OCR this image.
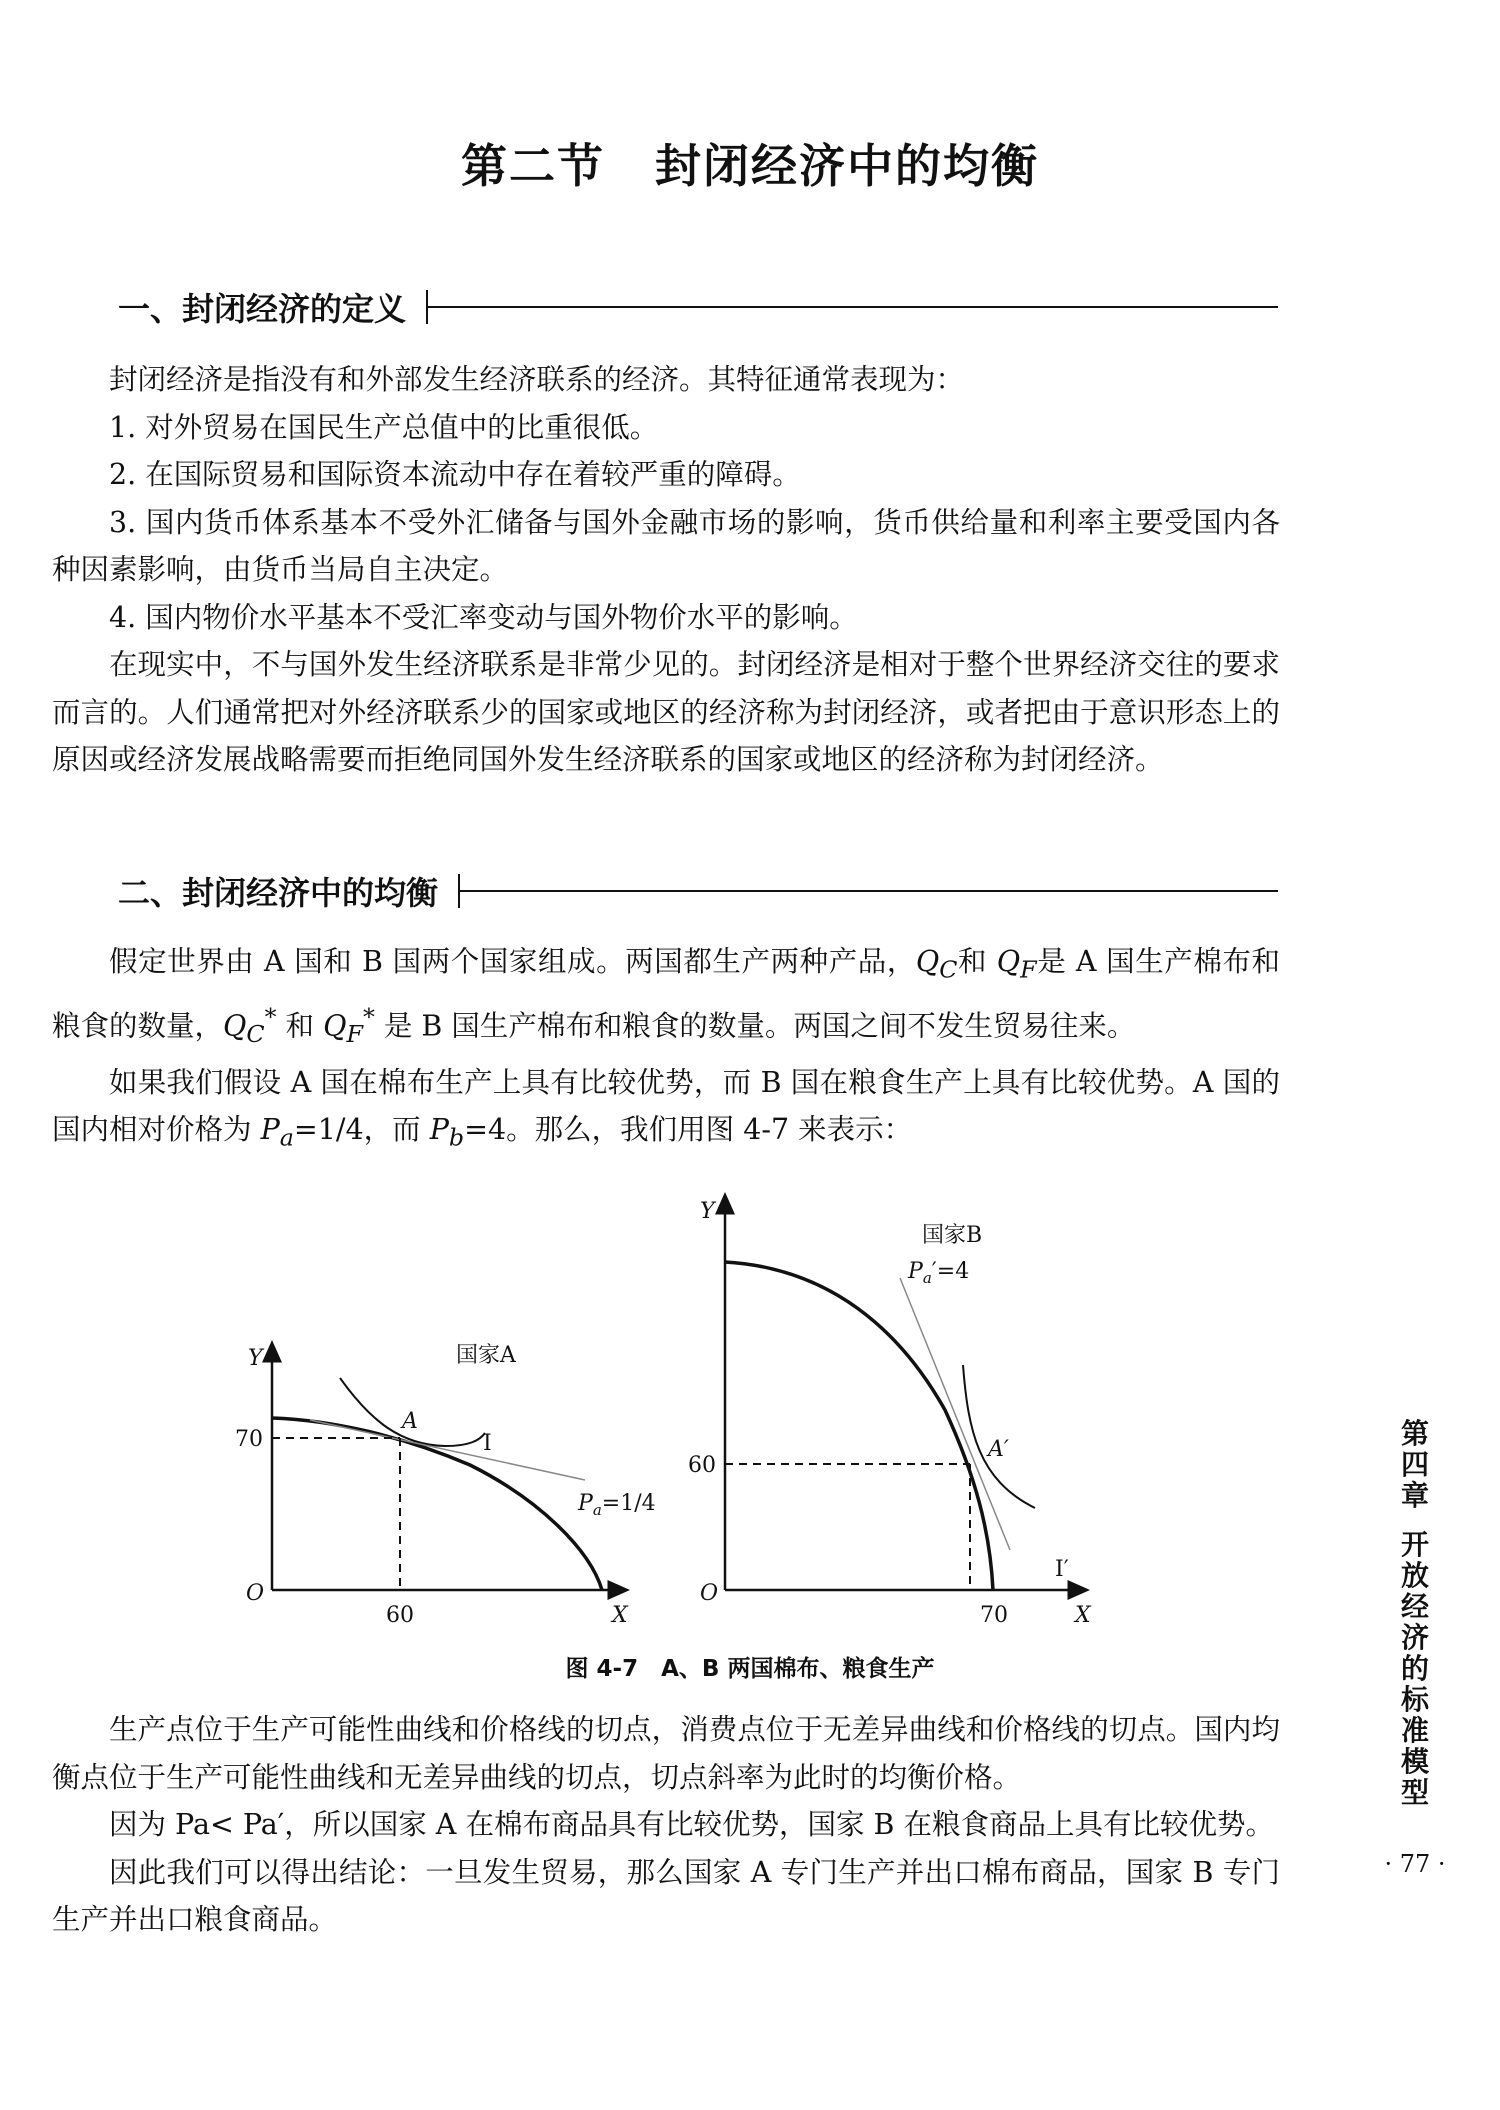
第二节 封闭经济中的均衡
一、封闭经济的定义

封闭经济是指没有和外部发生经济联系的经济。其特征通常表现为：

1. 对外贸易在国民生产总值中的比重很低。

2. 在国际贸易和国际资本流动中存在着较严重的障碍。

3. 国内货币体系基本不受外汇储备与国外金融市场的影响，货币供给量和利率主要受国内各种因素影响，由货币当局自主决定。

4. 国内物价水平基本不受汇率变动与国外物价水平的影响。

在现实中，不与国外发生经济联系是非常少见的。封闭经济是相对于整个世界经济交往的要求而言的。人们通常把对外经济联系少的国家或地区的经济称为封闭经济，或者把由于意识形态上的原因或经济发展战略需要而拒绝同国外发生经济联系的国家或地区的经济称为封闭经济。

二、封闭经济中的均衡

假定世界由 A 国和 B 国两个国家组成。两国都生产两种产品，$Q_C$和 $Q_F$是 A 国生产棉布和粮食的数量，$Q_C^*$ 和 $Q_F^*$ 是 B 国生产棉布和粮食的数量。两国之间不发生贸易往来。

如果我们假设 A 国在棉布生产上具有比较优势，而 B 国在粮食生产上具有比较优势。A 国的国内相对价格为 $P_a=1/4$，而 $P_b=4$。那么，我们用图 4-7 来表示：

国家A
Y
X
O
70
60
A
I
$P_a=1/4$
国家B
Y
X
O
60
70
A′
I′
$P_a'=4$
图 4-7　A、B 两国棉布、粮食生产

生产点位于生产可能性曲线和价格线的切点，消费点位于无差异曲线和价格线的切点。国内均衡点位于生产可能性曲线和无差异曲线的切点，切点斜率为此时的均衡价格。

因为 Pa< Pa′，所以国家 A 在棉布商品具有比较优势，国家 B 在粮食商品上具有比较优势。

因此我们可以得出结论：一旦发生贸易，那么国家 A 专门生产并出口棉布商品，国家 B 专门生产并出口粮食商品。

第
四
章
开
放
经
济
的
标
准
模
型
· 77 ·
